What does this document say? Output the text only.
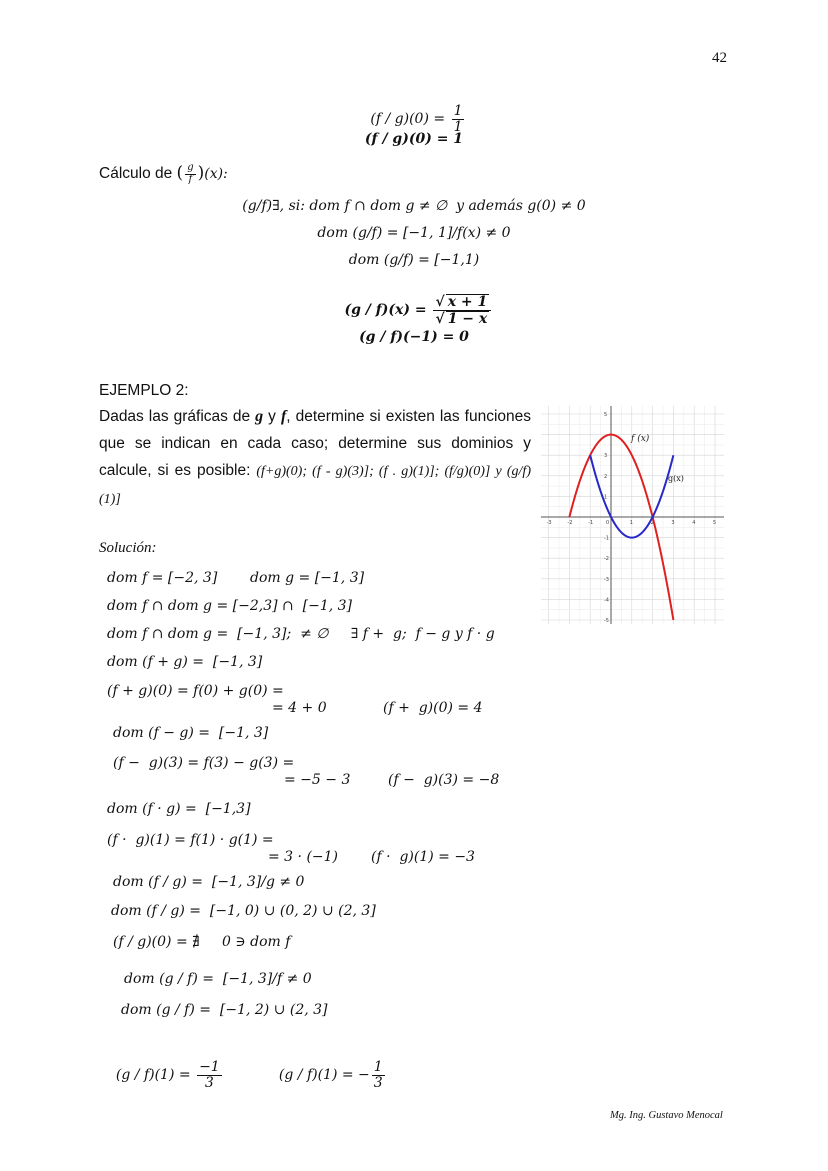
42

$(f / g)(0) = \frac{1}{1}$

(f / g)(0) = 1
Cálculo de ( $\frac{g}{f} )(x)$:
(g/f)∃, si: dom f ∩ dom g ≠ ∅  y además g(0) ≠ 0
dom (g/f) = [−1, 1]∕f(x) ≠ 0
dom (g/f) = [−1,1)

$(g / f)(x) = \frac{√ x + 1}{√ 1 - x}$

(g / f)(−1) = 0
EJEMPLO 2:
Dadas las gráficas de g y f, determine si existen las funciones que se indican en cada caso; determine sus dominios y calcule, si es posible: (f+g)(0); (f - g)(3)]; (f . g)(1)]; (f/g)(0)] y (g/f)(1)]
-3	-2	-1	0	1	2	3	4	5
5
3
2
1
-1
-2
-3
-4
-5
f (x)
g(x)
Solución:
dom f = [−2, 3] dom g = [−1, 3]
dom f ∩ dom g = [−2,3] ∩  [−1, 3]
dom f ∩ dom g =  [−1, 3];  ≠ ∅     ∃ f +  g;  f − g y f · g
dom (f + g) =  [−1, 3]
(f + g)(0) = f(0) + g(0) =
= 4 + 0	(f +  g)(0) = 4
dom (f − g) =  [−1, 3]
(f −  g)(3) = f(3) − g(3) =
= −5 − 3	(f −  g)(3) = −8
dom (f · g) =  [−1,3]
(f ·  g)(1) = f(1) · g(1) =
= 3 · (−1) (f ·  g)(1) = −3
dom (f / g) =  [−1, 3]/g ≠ 0
dom (f / g) =  [−1, 0) ∪ (0, 2) ∪ (2, 3]
(f / g)(0) = ∄     0 ∋ dom f
dom (g / f) =  [−1, 3]/f ≠ 0
dom (g / f) =  [−1, 2) ∪ (2, 3]

$(g / f)(1) = \frac{-1}{3}$	(g / f)(1) = − $\frac{1}{3}$

Mg. Ing. Gustavo Menocal
